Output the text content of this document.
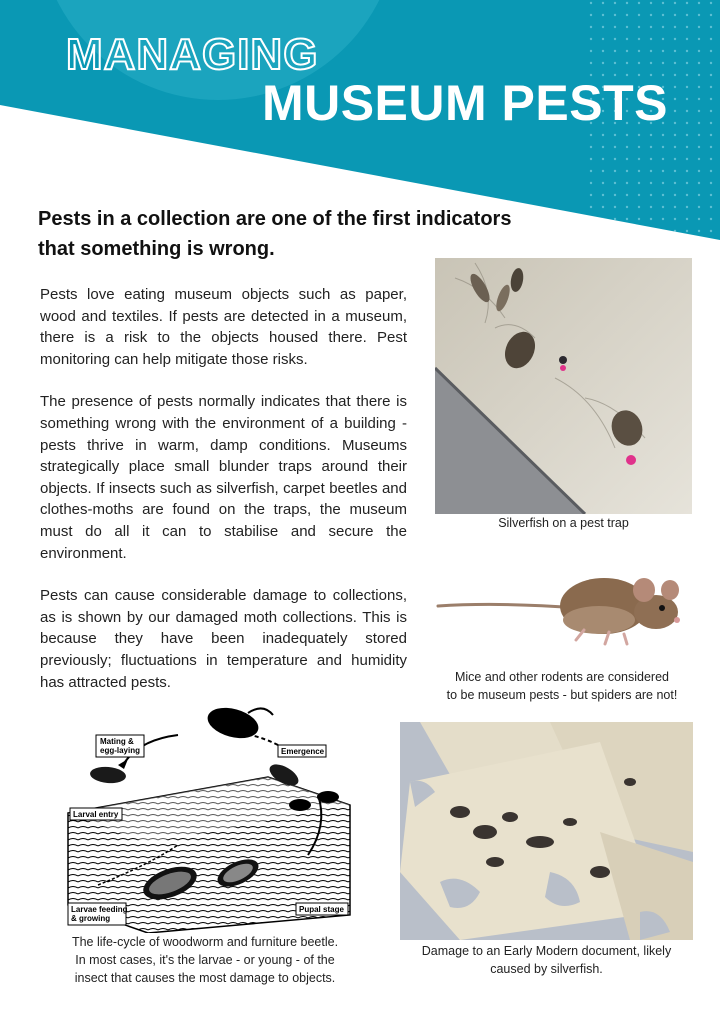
MANAGING
MUSEUM PESTS

Pests in a collection are one of the first indicators that something is wrong.

Pests love eating museum objects such as paper, wood and textiles. If pests are detected in a museum, there is a risk to the objects housed there. Pest monitoring can help mitigate those risks.

The presence of pests normally indicates that there is something wrong with the environment of a building - pests thrive in warm, damp conditions. Museums strategically place small blunder traps around their objects. If insects such as silverfish, carpet beetles and clothes-moths are found on the traps, the museum must do all it can to stabilise and secure the environment.

Pests can cause considerable damage to collections, as is shown by our damaged moth collections. This is because they have been inadequately stored previously; fluctuations in temperature and humidity has attracted pests.

Silverfish on a pest trap

Mice and other rodents are considered
to be museum pests - but spiders are not!

Mating &
egg-laying	Emergence
Larval entry
Larvae feeding
& growing
Pupal stage

The life-cycle of woodworm and furniture beetle.
In most cases, it's the larvae - or young - of the
insect that causes the most damage to objects.

Damage to an Early Modern document, likely
caused by silverfish.
